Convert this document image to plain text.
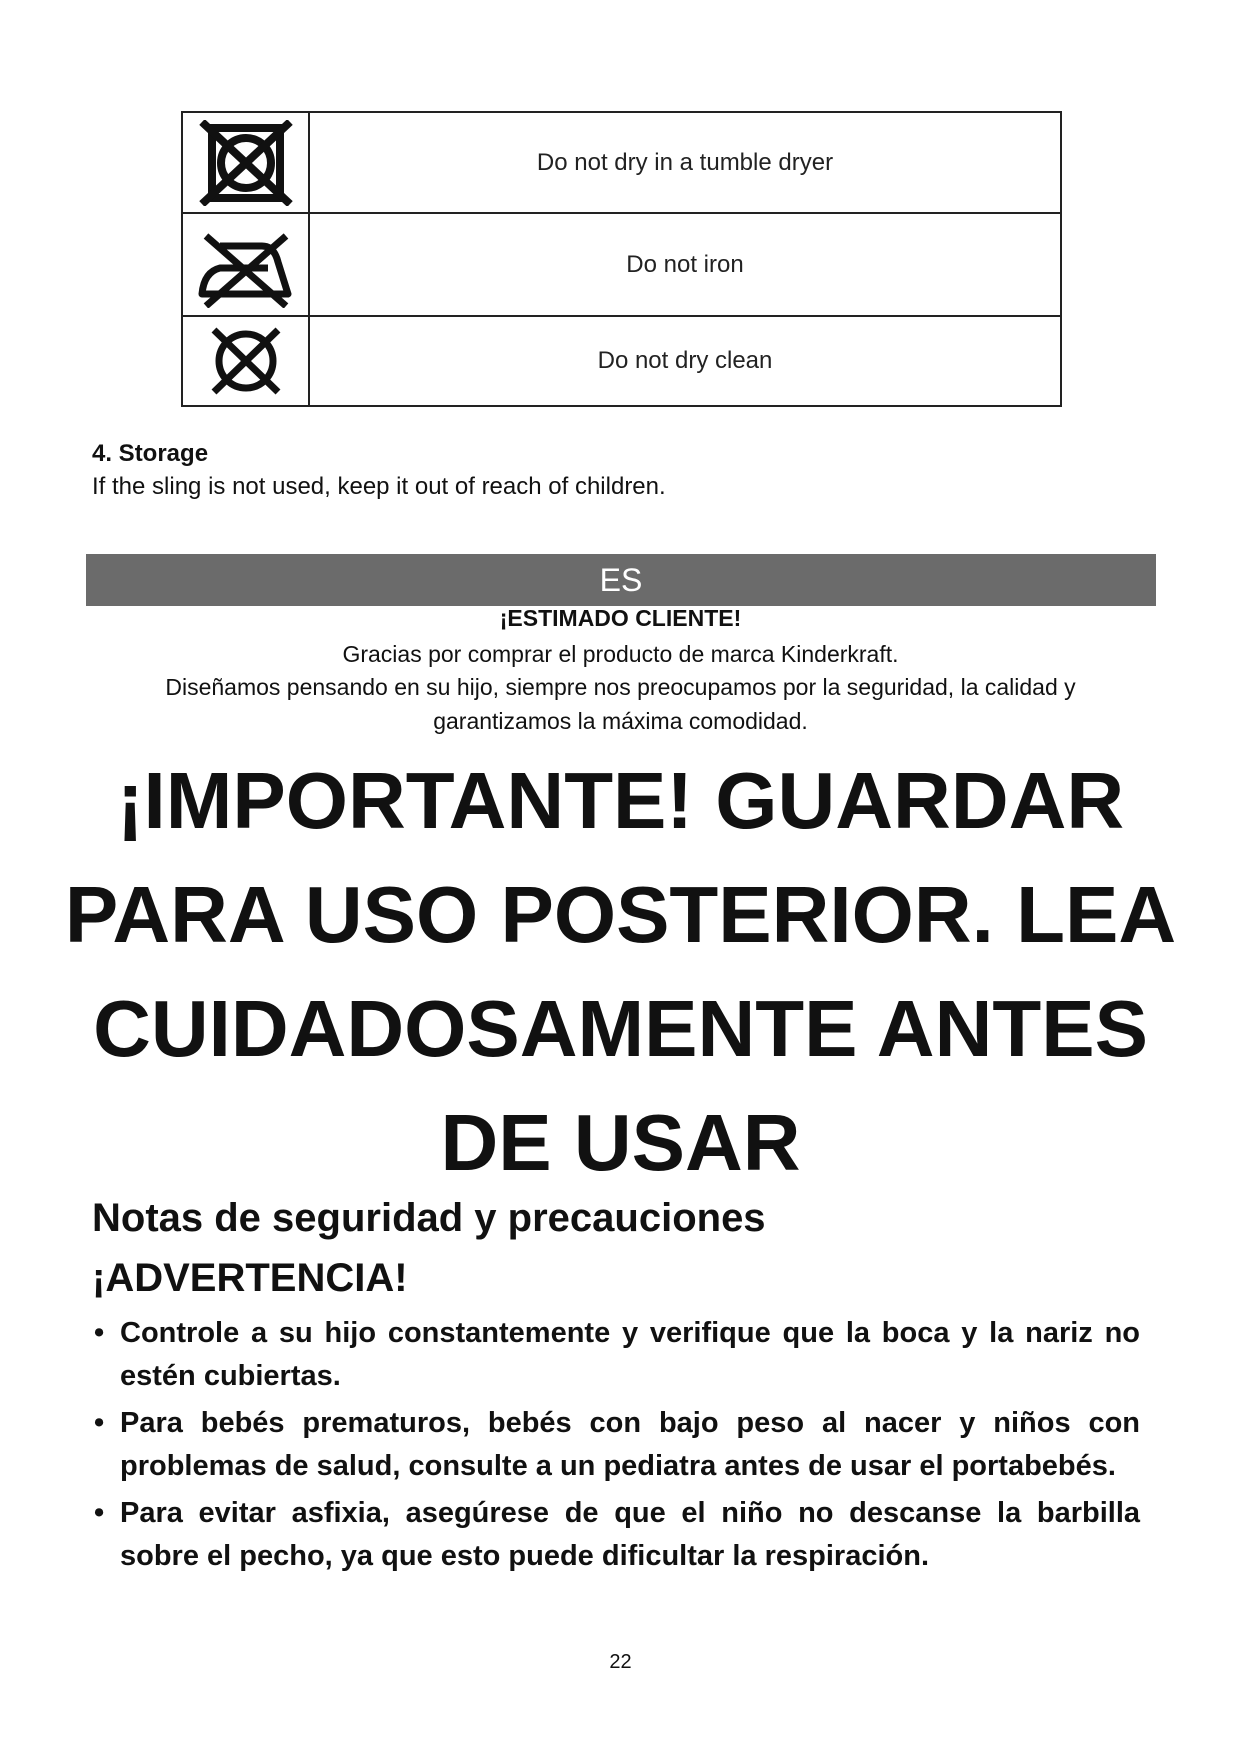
	Do not dry in a tumble dryer

	Do not iron

	Do not dry clean
4. Storage
If the sling is not used, keep it out of reach of children.
ES
¡ESTIMADO CLIENTE!
Gracias por comprar el producto de marca Kinderkraft.
Diseñamos pensando en su hijo, siempre nos preocupamos por la seguridad, la calidad y
garantizamos la máxima comodidad.
¡IMPORTANTE! GUARDAR PARA USO POSTERIOR. LEA CUIDADOSAMENTE ANTES DE USAR
Notas de seguridad y precauciones
¡ADVERTENCIA!
• Controle a su hijo constantemente y verifique que la boca y la nariz no estén cubiertas.
• Para bebés prematuros, bebés con bajo peso al nacer y niños con problemas de salud, consulte a un pediatra antes de usar el portabebés.
• Para evitar asfixia, asegúrese de que el niño no descanse la barbilla sobre el pecho, ya que esto puede dificultar la respiración.
22
